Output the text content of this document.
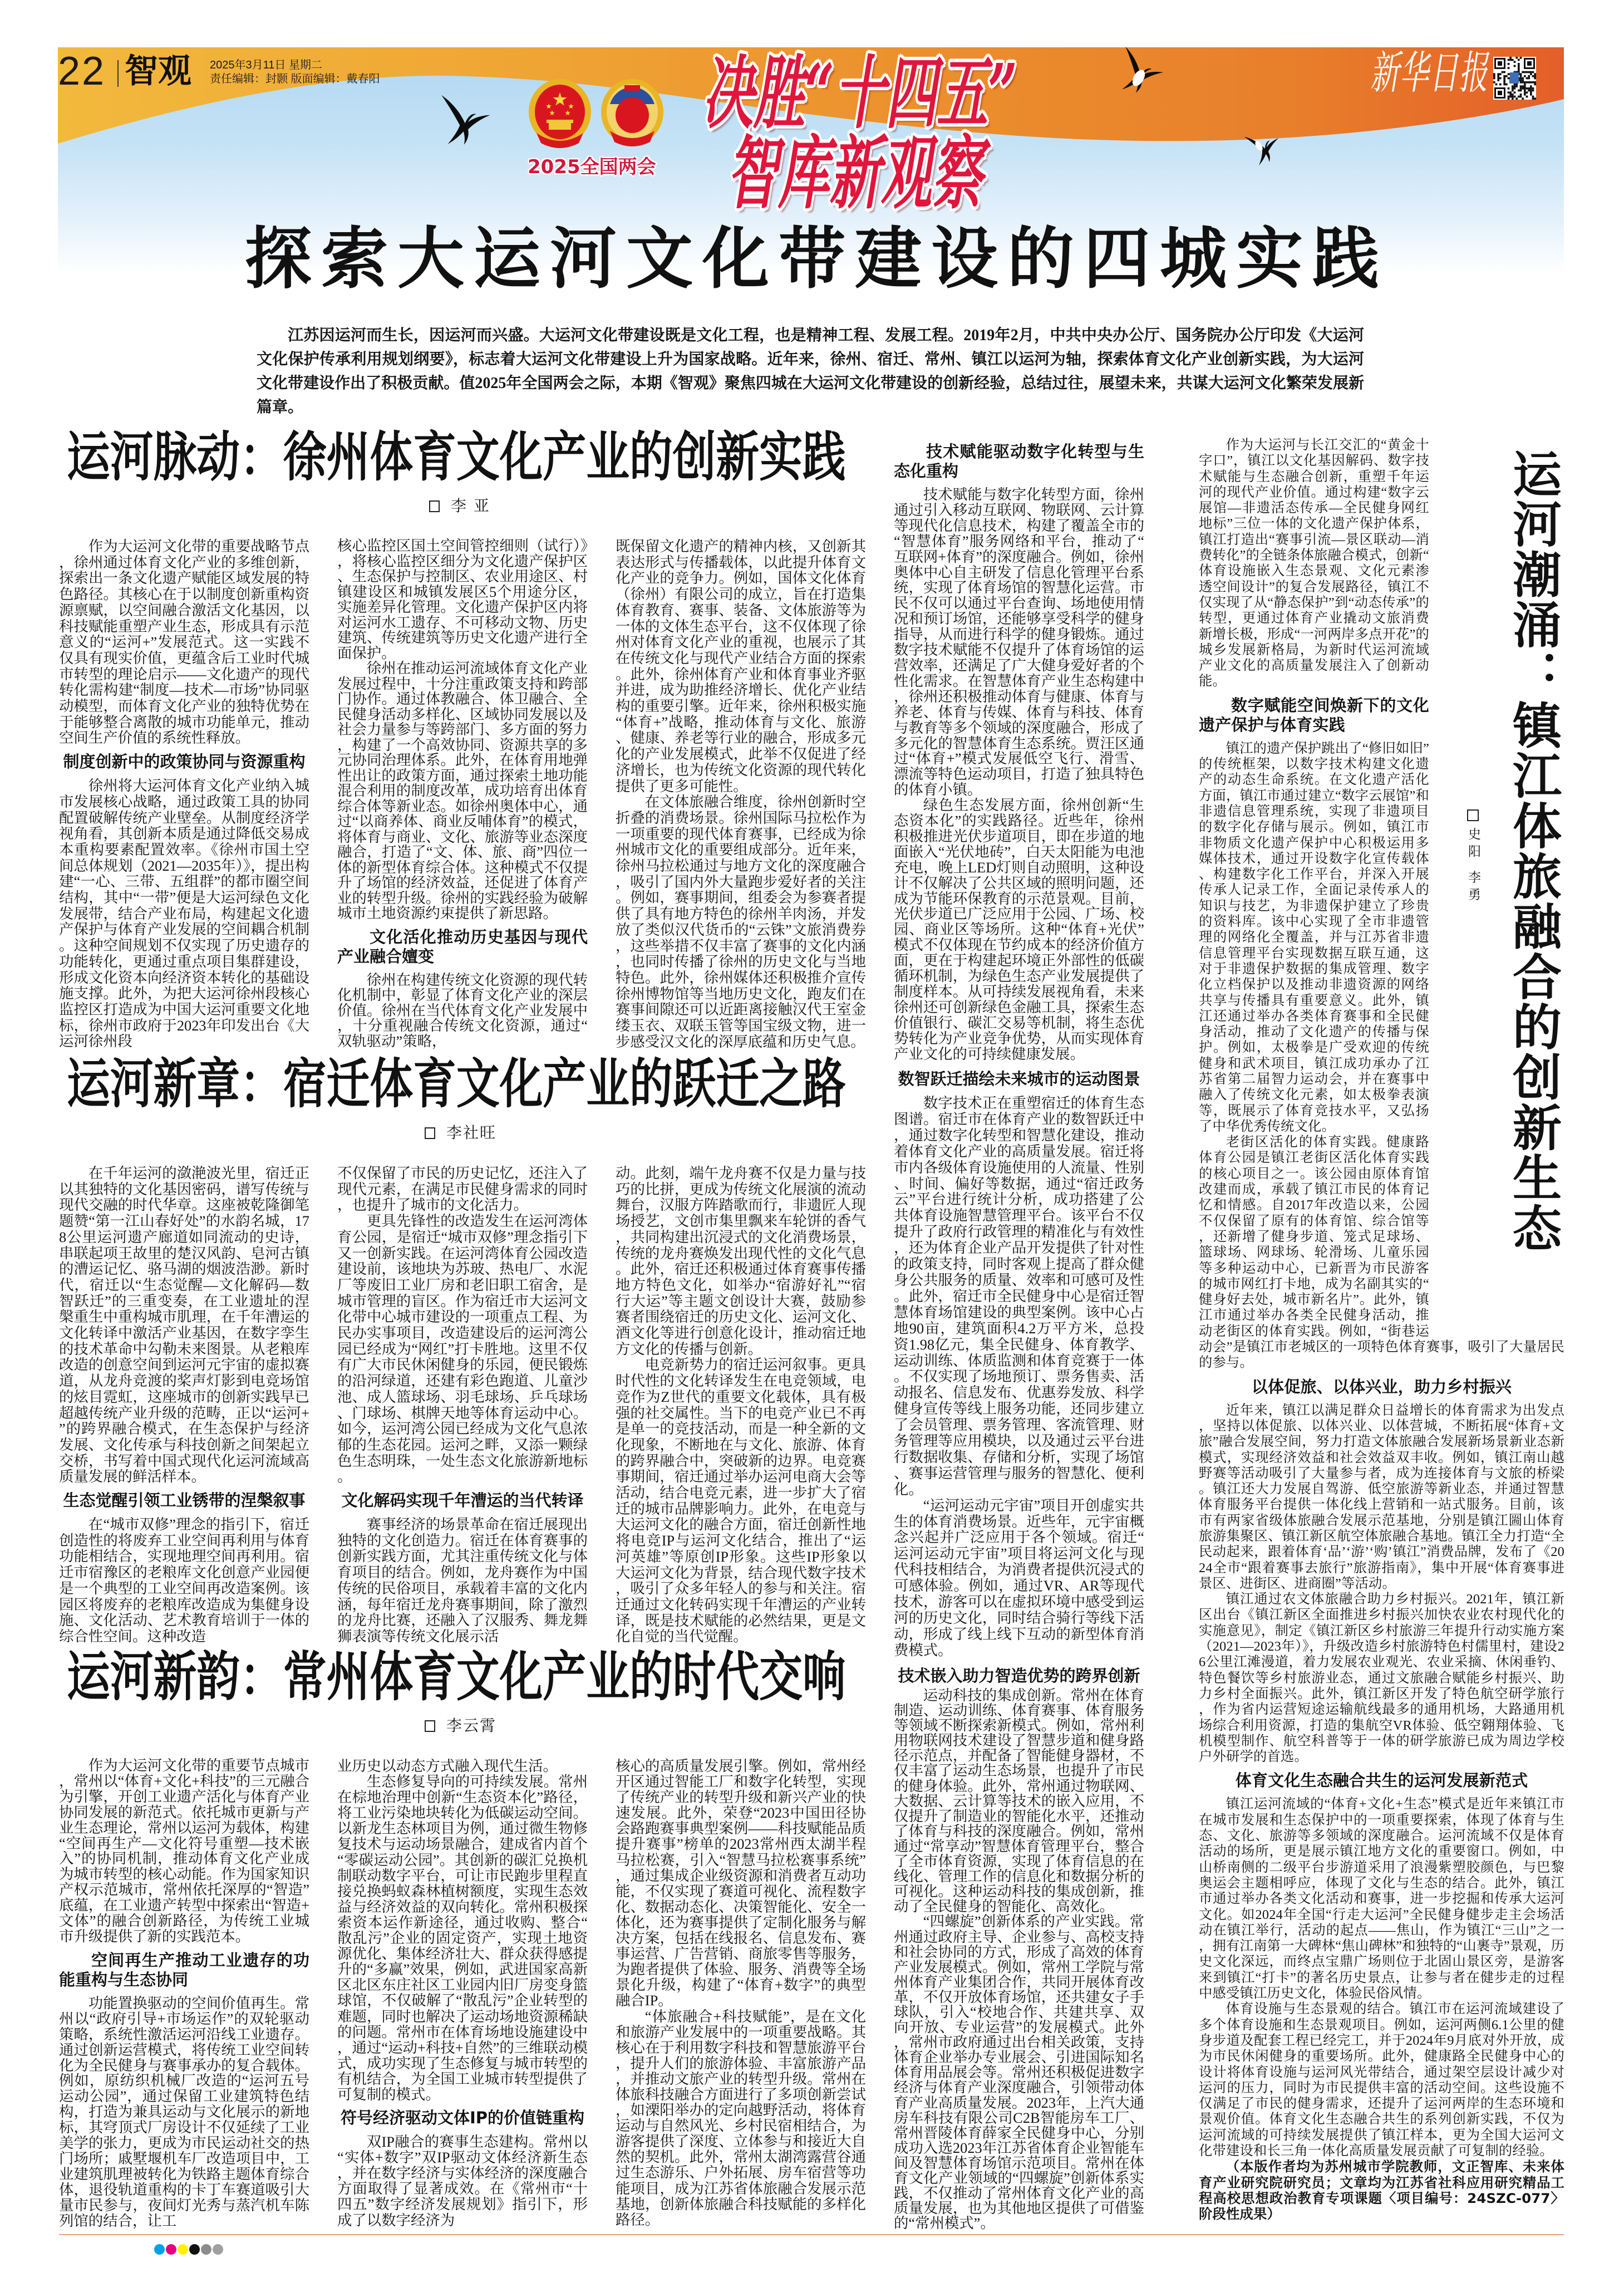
22 智观 2025年3月11日 星期二
责任编辑：封颢 版面编辑：戴春阳
2025全国两会
决胜“十四五”
智库新观察
新华日报
探索大运河文化带建设的四城实践
江苏因运河而生长，因运河而兴盛。大运河文化带建设既是文化工程，也是精神工程、发展工程。2019年2月，中共中央办公厅、国务院办公厅印发《大运河文化保护传承利用规划纲要》，标志着大运河文化带建设上升为国家战略。近年来，徐州、宿迁、常州、镇江以运河为轴，探索体育文化产业创新实践，为大运河文化带建设作出了积极贡献。值2025年全国两会之际，本期《智观》聚焦四城在大运河文化带建设的创新经验，总结过往，展望未来，共谋大运河文化繁荣发展新篇章。
运河脉动：徐州体育文化产业的创新实践
李 亚

作为大运河文化带的重要战略节点，徐州通过体育文化产业的多维创新，探索出一条文化遗产赋能区域发展的特色路径。其核心在于以制度创新重构资源禀赋，以空间融合激活文化基因，以科技赋能重塑产业生态，形成具有示范意义的“运河+”发展范式。这一实践不仅具有现实价值，更蕴含后工业时代城市转型的理论启示——文化遗产的现代转化需构建“制度—技术—市场”协同驱动模型，而体育文化产业的独特优势在于能够整合离散的城市功能单元，推动空间生产价值的系统性释放。

制度创新中的政策协同与资源重构

徐州将大运河体育文化产业纳入城市发展核心战略，通过政策工具的协同配置破解传统产业壁垒。从制度经济学视角看，其创新本质是通过降低交易成本重构要素配置效率。《徐州市国土空间总体规划（2021—2035年）》，提出构建“一心、三带、五组群”的都市圈空间结构，其中“一带”便是大运河绿色文化发展带，结合产业布局，构建起文化遗产保护与体育产业发展的空间耦合机制。这种空间规划不仅实现了历史遗存的功能转化，更通过重点项目集群建设，形成文化资本向经济资本转化的基础设施支撑。此外，为把大运河徐州段核心监控区打造成为中国大运河重要文化地标，徐州市政府于2023年印发出台《大运河徐州段

核心监控区国土空间管控细则（试行）》，将核心监控区细分为文化遗产保护区、生态保护与控制区、农业用途区、村镇建设区和城镇发展区5个用途分区，实施差异化管理。文化遗产保护区内将对运河水工遗存、不可移动文物、历史建筑、传统建筑等历史文化遗产进行全面保护。

徐州在推动运河流域体育文化产业发展过程中，十分注重政策支持和跨部门协作。通过体教融合、体卫融合、全民健身活动多样化、区域协同发展以及社会力量参与等跨部门、多方面的努力，构建了一个高效协同、资源共享的多元协同治理体系。此外，在体育用地弹性出让的政策方面，通过探索土地功能混合利用的制度改革，成功培育出体育综合体等新业态。如徐州奥体中心，通过“以商养体、商业反哺体育”的模式，将体育与商业、文化、旅游等业态深度融合，打造了“文、体、旅、商”四位一体的新型体育综合体。这种模式不仅提升了场馆的经济效益，还促进了体育产业的转型升级。徐州的实践经验为破解城市土地资源约束提供了新思路。

文化活化推动历史基因与现代产业融合嬗变

徐州在构建传统文化资源的现代转化机制中，彰显了体育文化产业的深层价值。徐州在当代体育文化产业发展中，十分重视融合传统文化资源，通过“双轨驱动”策略，

既保留文化遗产的精神内核，又创新其表达形式与传播载体，以此提升体育文化产业的竞争力。例如，国体文化体育（徐州）有限公司的成立，旨在打造集体育教育、赛事、装备、文体旅游等为一体的文体生态平台，这不仅体现了徐州对体育文化产业的重视，也展示了其在传统文化与现代产业结合方面的探索。此外，徐州体育产业和体育事业齐驱并进，成为助推经济增长、优化产业结构的重要引擎。近年来，徐州积极实施“体育+”战略，推动体育与文化、旅游、健康、养老等行业的融合，形成多元化的产业发展模式，此举不仅促进了经济增长，也为传统文化资源的现代转化提供了更多可能性。

在文体旅融合维度，徐州创新时空折叠的消费场景。徐州国际马拉松作为一项重要的现代体育赛事，已经成为徐州城市文化的重要组成部分。近年来，徐州马拉松通过与地方文化的深度融合，吸引了国内外大量跑步爱好者的关注。例如，赛事期间，组委会为参赛者提供了具有地方特色的徐州羊肉汤，并发放了类似汉代货币的“云铢”文旅消费券，这些举措不仅丰富了赛事的文化内涵，也同时传播了徐州的历史文化与当地特色。此外，徐州媒体还积极推介宣传徐州博物馆等当地历史文化，跑友们在赛事间隙还可以近距离接触汉代王室金缕玉衣、双联玉管等国宝级文物，进一步感受汉文化的深厚底蕴和历史气息。

技术赋能驱动数字化转型与生态化重构

技术赋能与数字化转型方面，徐州通过引入移动互联网、物联网、云计算等现代化信息技术，构建了覆盖全市的“智慧体育”服务网络和平台，推动了“互联网+体育”的深度融合。例如，徐州奥体中心自主研发了信息化管理平台系统，实现了体育场馆的智慧化运营。市民不仅可以通过平台查询、场地使用情况和预订场馆，还能够享受科学的健身指导，从而进行科学的健身锻炼。通过数字技术赋能不仅提升了体育场馆的运营效率，还满足了广大健身爱好者的个性化需求。在智慧体育产业生态构建中，徐州还积极推动体育与健康、体育与养老、体育与传媒、体育与科技、体育与教育等多个领域的深度融合，形成了多元化的智慧体育生态系统。贾汪区通过“体育+”模式发展低空飞行、滑雪、漂流等特色运动项目，打造了独具特色的体育小镇。

绿色生态发展方面，徐州创新“生态资本化”的实践路径。近些年，徐州积极推进光伏步道项目，即在步道的地面嵌入“光伏地砖”，白天太阳能为电池充电，晚上LED灯则自动照明，这种设计不仅解决了公共区域的照明问题，还成为节能环保教育的示范景观。目前，光伏步道已广泛应用于公园、广场、校园、商业区等场所。这种“体育+光伏”模式不仅体现在节约成本的经济价值方面，更在于构建起环境正外部性的低碳循环机制，为绿色生态产业发展提供了制度样本。从可持续发展视角看，未来徐州还可创新绿色金融工具，探索生态价值银行、碳汇交易等机制，将生态优势转化为产业竞争优势，从而实现体育产业文化的可持续健康发展。

运河新章：宿迁体育文化产业的跃迁之路
李社旺

在千年运河的潋滟波光里，宿迁正以其独特的文化基因密码，谱写传统与现代交融的时代华章。这座被乾隆御笔题赞“第一江山春好处”的水韵名城，178公里运河遗产廊道如同流动的史诗，串联起项王故里的楚汉风韵、皂河古镇的漕运记忆、骆马湖的烟波浩渺。新时代，宿迁以“生态觉醒—文化解码—数智跃迁”的三重变奏，在工业遗址的涅槃重生中重构城市肌理，在千年漕运的文化转译中激活产业基因，在数字孪生的技术革命中勾勒未来图景。从老粮库改造的创意空间到运河元宇宙的虚拟赛道，从龙舟竞渡的桨声灯影到电竞场馆的炫目霓虹，这座城市的创新实践早已超越传统产业升级的范畴，正以“运河+”的跨界融合模式，在生态保护与经济发展、文化传承与科技创新之间架起立交桥，书写着中国式现代化运河流域高质量发展的鲜活样本。

生态觉醒引领工业锈带的涅槃叙事

在“城市双修”理念的指引下，宿迁创造性的将废弃工业空间再利用与体育功能相结合，实现地理空间再利用。宿迁市宿豫区的老粮库文化创意产业园便是一个典型的工业空间再改造案例。该园区将废弃的老粮库改造成为集健身设施、文化活动、艺术教育培训于一体的综合性空间。这种改造

不仅保留了市民的历史记忆，还注入了现代元素，在满足市民健身需求的同时，也提升了城市的文化活力。

更具先锋性的改造发生在运河湾体育公园，是宿迁“城市双修”理念指引下又一创新实践。在运河湾体育公园改造建设前，该地块为苏玻、热电厂、水泥厂等废旧工业厂房和老旧职工宿舍，是城市管理的盲区。作为宿迁市大运河文化带中心城市建设的一项重点工程、为民办实事项目，改造建设后的运河湾公园已经成为“网红”打卡胜地。这里不仅有广大市民休闲健身的乐园，便民锻炼的沿河绿道，还建有彩色跑道、儿童沙池、成人篮球场、羽毛球场、乒乓球场、门球场、棋牌天地等体育运动中心。如今，运河湾公园已经成为文化气息浓郁的生态花园。运河之畔，又添一颗绿色生态明珠，一处生态文化旅游新地标。

文化解码实现千年漕运的当代转译

赛事经济的场景革命在宿迁展现出独特的文化创造力。宿迁在体育赛事的创新实践方面，尤其注重传统文化与体育项目的结合。例如，龙舟赛作为中国传统的民俗项目，承载着丰富的文化内涵，每年宿迁龙舟赛事期间，除了激烈的龙舟比赛，还融入了汉服秀、舞龙舞狮表演等传统文化展示活

动。此刻，端午龙舟赛不仅是力量与技巧的比拼，更成为传统文化展演的流动舞台，汉服方阵踏歌而行，非遗匠人现场授艺，文创市集里飘来车轮饼的香气，共同构建出沉浸式的文化消费场景，传统的龙舟赛焕发出现代性的文化气息。此外，宿迁还积极通过体育赛事传播地方特色文化，如举办“宿游好礼”“宿行大运”等主题文创设计大赛，鼓励参赛者围绕宿迁的历史文化、运河文化、酒文化等进行创意化设计，推动宿迁地方文化的传播与创新。

电竞新势力的宿迁运河叙事。更具时代性的文化转译发生在电竞领域，电竞作为Z世代的重要文化载体，具有极强的社交属性。当下的电竞产业已不再是单一的竞技活动，而是一种全新的文化现象，不断地在与文化、旅游、体育的跨界融合中，突破新的边界。电竞赛事期间，宿迁通过举办运河电商大会等活动，结合电竞元素，进一步扩大了宿迁的城市品牌影响力。此外，在电竞与大运河文化的融合方面，宿迁创新性地将电竞IP与运河文化结合，推出了“运河英雄”等原创IP形象。这些IP形象以大运河文化为背景，结合现代数字技术，吸引了众多年轻人的参与和关注。宿迁通过文化转码实现千年漕运的产业转译，既是技术赋能的必然结果，更是文化自觉的当代觉醒。

数智跃迁描绘未来城市的运动图景

数字技术正在重塑宿迁的体育生态图谱。宿迁市在体育产业的数智跃迁中，通过数字化转型和智慧化建设，推动着体育文化产业的高质量发展。宿迁将市内各级体育设施使用的人流量、性别、时间、偏好等数据，通过“宿迁政务云”平台进行统计分析，成功搭建了公共体育设施智慧管理平台。该平台不仅提升了政府行政管理的精准化与有效性，还为体育企业产品开发提供了针对性的政策支持，同时客观上提高了群众健身公共服务的质量、效率和可感可及性。此外，宿迁市全民健身中心是宿迁智慧体育场馆建设的典型案例。该中心占地90亩，建筑面积4.2万平方米，总投资1.98亿元，集全民健身、体育教学、运动训练、体质监测和体育竞赛于一体。不仅实现了场地预订、票务售卖、活动报名、信息发布、优惠券发放、科学健身宣传等线上服务功能，还同步建立了会员管理、票务管理、客流管理、财务管理等应用模块，以及通过云平台进行数据收集、存储和分析，实现了场馆、赛事运营管理与服务的智慧化、便利化。

“运河运动元宇宙”项目开创虚实共生的体育消费场景。近些年，元宇宙概念兴起并广泛应用于各个领域。宿迁“运河运动元宇宙”项目将运河文化与现代科技相结合，为消费者提供沉浸式的可感体验。例如，通过VR、AR等现代技术，游客可以在虚拟环境中感受到运河的历史文化，同时结合骑行等线下活动，形成了线上线下互动的新型体育消费模式。

运河新韵：常州体育文化产业的时代交响
李云霄

作为大运河文化带的重要节点城市，常州以“体育+文化+科技”的三元融合为引擎，开创工业遗产活化与体育产业协同发展的新范式。依托城市更新与产业生态理论，常州以运河为载体，构建“空间再生产—文化符号重塑—技术嵌入”的协同机制，推动体育文化产业成为城市转型的核心动能。作为国家知识产权示范城市，常州依托深厚的“智造”底蕴，在工业遗产转型中探索出“智造+文体”的融合创新路径，为传统工业城市升级提供了新的实践范本。

空间再生产推动工业遗存的功能重构与生态协同

功能置换驱动的空间价值再生。常州以“政府引导+市场运作”的双轮驱动策略，系统性激活运河沿线工业遗存。通过创新运营模式，将传统工业空间转化为全民健身与赛事承办的复合载体。例如，原纺织机械厂改造的“运河五号运动公园”，通过保留工业建筑特色结构，打造为兼具运动与文化展示的新地标，其穹顶式厂房设计不仅延续了工业美学的张力，更成为市民运动社交的热门场所；戚墅堰机车厂改造项目中，工业建筑肌理被转化为铁路主题体育综合体，退役轨道重构的卡丁车赛道吸引大量市民参与，夜间灯光秀与蒸汽机车陈列馆的结合，让工

业历史以动态方式融入现代生活。

生态修复导向的可持续发展。常州在棕地治理中创新“生态资本化”路径，将工业污染地块转化为低碳运动空间。以新龙生态林项目为例，通过微生物修复技术与运动场景融合，建成省内首个“零碳运动公园”。其创新的碳汇兑换机制联动数字平台，可让市民跑步里程直接兑换蚂蚁森林植树额度，实现生态效益与经济效益的双向转化。常州积极探索资本运作新途径，通过收购、整合“散乱污”企业的固定资产，实现土地资源优化、集体经济壮大、群众获得感提升的“多赢”效果，例如，武进国家高新区北区东庄社区工业园内旧厂房变身篮球馆，不仅破解了“散乱污”企业转型的难题，同时也解决了运动场地资源稀缺的问题。常州市在体育场地设施建设中，通过“运动+科技+自然”的三维联动模式，成功实现了生态修复与城市转型的有机结合，为全国工业城市转型提供了可复制的模式。

符号经济驱动文体IP的价值链重构

双IP融合的赛事生态建构。常州以“实体+数字”双IP驱动文体经济新生态，并在数字经济与实体经济的深度融合方面取得了显著成效。在《常州市“十四五”数字经济发展规划》指引下，形成了以数字经济为

核心的高质量发展引擎。例如，常州经开区通过智能工厂和数字化转型，实现了传统产业的转型升级和新兴产业的快速发展。此外，荣登“2023中国田径协会路跑赛事典型案例——科技赋能品质提升赛事”榜单的2023常州西太湖半程马拉松赛，引入“智慧马拉松赛事系统”，通过集成企业级资源和消费者互动功能，不仅实现了赛道可视化、流程数字化、数据动态化、决策智能化、安全一体化，还为赛事提供了定制化服务与解决方案，包括在线报名、信息发布、赛事运营、广告营销、商旅零售等服务，为跑者提供了体验、服务、消费等全场景化升级，构建了“体育+数字”的典型融合IP。

“体旅融合+科技赋能”，是在文化和旅游产业发展中的一项重要战略。其核心在于利用数字科技和智慧旅游平台，提升人们的旅游体验、丰富旅游产品，并推动文旅产业的转型升级。常州在体旅科技融合方面进行了多项创新尝试，如溧阳举办的定向越野活动，将体育运动与自然风光、乡村民宿相结合，为游客提供了深度、立体参与和接近大自然的契机。此外，常州太湖湾露营谷通过生态游乐、户外拓展、房车宿营等功能项目，成为江苏省体旅融合发展示范基地，创新体旅融合科技赋能的多样化路径。

技术嵌入助力智造优势的跨界创新

运动科技的集成创新。常州在体育制造、运动训练、体育赛事、体育服务等领域不断探索新模式。例如，常州利用物联网技术建设了智慧步道和健身路径示范点，并配备了智能健身器材，不仅丰富了运动生态场景，也提升了市民的健身体验。此外，常州通过物联网、大数据、云计算等技术的嵌入应用，不仅提升了制造业的智能化水平，还推动了体育与科技的深度融合。例如，常州通过“常享动”智慧体育管理平台，整合了全市体育资源，实现了体育信息的在线化、管理工作的信息化和数据分析的可视化。这种运动科技的集成创新，推动了全民健身的智能化、高效化。

“四螺旋”创新体系的产业实践。常州通过政府主导、企业参与、高校支持和社会协同的方式，形成了高效的体育产业发展模式。例如，常州工学院与常州体育产业集团合作，共同开展体育改革，不仅开放体育场馆，还共建女子手球队，引入“校地合作、共建共享、双向开放、专业运营”的发展模式。此外，常州市政府通过出台相关政策，支持体育企业举办专业展会、引进国际知名体育用品展会等。常州还积极促进数字经济与体育产业深度融合，引领带动体育产业高质量发展。2023年，上汽大通房车科技有限公司C2B智能房车工厂、常州晋陵体育薛家全民健身中心，分别成功入选2023年江苏省体育企业智能车间及智慧体育场馆示范项目。常州在体育文化产业领域的“四螺旋”创新体系实践，不仅推动了常州体育文化产业的高质量发展，也为其他地区提供了可借鉴的“常州模式”。

运河潮涌：镇江体旅融合的创新生态
史阳 李勇

作为大运河与长江交汇的“黄金十字口”，镇江以文化基因解码、数字技术赋能与生态融合创新，重塑千年运河的现代产业价值。通过构建“数字云展馆—非遗活态传承—全民健身网红地标”三位一体的文化遗产保护体系，镇江打造出“赛事引流—景区联动—消费转化”的全链条体旅融合模式，创新“体育设施嵌入生态景观、文化元素渗透空间设计”的复合发展路径，镇江不仅实现了从“静态保护”到“动态传承”的转型，更通过体育产业撬动文旅消费新增长极，形成“一河两岸多点开花”的城乡发展新格局，为新时代运河流域产业文化的高质量发展注入了创新动能。

数字赋能空间焕新下的文化遗产保护与体育实践

镇江的遗产保护跳出了“修旧如旧”的传统框架，以数字技术构建文化遗产的动态生命系统。在文化遗产活化方面，镇江市通过建立“数字云展馆”和非遗信息管理系统，实现了非遗项目的数字化存储与展示。例如，镇江市非物质文化遗产保护中心积极运用多媒体技术，通过开设数字化宣传载体、构建数字化工作平台，并深入开展传承人记录工作，全面记录传承人的知识与技艺，为非遗保护建立了珍贵的资料库。该中心实现了全市非遗管理的网络化全覆盖，并与江苏省非遗信息管理平台实现数据互联互通，这对于非遗保护数据的集成管理、数字化立档保护以及推动非遗资源的网络共享与传播具有重要意义。此外，镇江还通过举办各类体育赛事和全民健身活动，推动了文化遗产的传播与保护。例如，太极拳是广受欢迎的传统健身和武术项目，镇江成功承办了江苏省第二届智力运动会，并在赛事中融入了传统文化元素，如太极拳表演等，既展示了体育竞技水平，又弘扬了中华优秀传统文化。

老街区活化的体育实践。健康路体育公园是镇江老街区活化体育实践的核心项目之一。该公园由原体育馆改建而成，承载了镇江市民的体育记忆和情感。自2017年改造以来，公园不仅保留了原有的体育馆、综合馆等，还新增了健身步道、笼式足球场、篮球场、网球场、轮滑场、儿童乐园等多种运动中心，已新晋为市民游客的城市网红打卡地，成为名副其实的“健身好去处，城市新名片”。此外，镇江市通过举办各类全民健身活动，推动老街区的体育实践。例如，“街巷运动会”是镇江市老城区的一项特色体育赛事，吸引了大量居民的参与。

以体促旅、以体兴业，助力乡村振兴

近年来，镇江以满足群众日益增长的体育需求为出发点，坚持以体促旅、以体兴业、以体营城，不断拓展“体育+文旅”融合发展空间，努力打造文体旅融合发展新场景新业态新模式，实现经济效益和社会效益双丰收。例如，镇江南山越野赛等活动吸引了大量参与者，成为连接体育与文旅的桥梁。镇江还大力发展自驾游、低空旅游等新业态，并通过智慧体育服务平台提供一体化线上营销和一站式服务。目前，该市有两家省级体旅融合发展示范基地，分别是镇江圌山体育旅游集聚区、镇江新区航空体旅融合基地。镇江全力打造“全民动起来，跟着体育‘品’‘游’‘购’镇江”消费品牌，发布了《2024全市“跟着赛事去旅行”旅游指南》，集中开展“体育赛事进景区、进街区、进商圈”等活动。

镇江通过农文体旅融合助力乡村振兴。2021年，镇江新区出台《镇江新区全面推进乡村振兴加快农业农村现代化的实施意见》，制定《镇江新区乡村旅游三年提升行动实施方案（2021—2023年）》，升级改造乡村旅游特色村儒里村，建设26公里江滩漫道，着力发展农业观光、农业采摘、休闲垂钓、特色餐饮等乡村旅游业态，通过文旅融合赋能乡村振兴、助力乡村全面振兴。此外，镇江新区开发了特色航空研学旅行，作为省内运营短途运输航线最多的通用机场，大路通用机场综合利用资源，打造的集航空VR体验、低空翱翔体验、飞机模型制作、航空科普等于一体的研学旅游已成为周边学校户外研学的首选。

体育文化生态融合共生的运河发展新范式

镇江运河流域的“体育+文化+生态”模式是近年来镇江市在城市发展和生态保护中的一项重要探索，体现了体育与生态、文化、旅游等多领域的深度融合。运河流域不仅是体育活动的场所，更是展示镇江地方文化的重要窗口。例如，中山桥南侧的二级平台步游道采用了浪漫紫塑胶颜色，与巴黎奥运会主题相呼应，体现了文化与生态的结合。此外，镇江市通过举办各类文化活动和赛事，进一步挖掘和传承大运河文化。如2024年全国“行走大运河”全民健身健步走主会场活动在镇江举行，活动的起点——焦山，作为镇江“三山”之一，拥有江南第一大碑林“焦山碑林”和独特的“山裹寺”景观，历史文化深远，而终点宝鼎广场则位于北固山景区旁，是游客来到镇江“打卡”的著名历史景点，让参与者在健步走的过程中感受镇江历史文化，体验民俗风情。

体育设施与生态景观的结合。镇江市在运河流域建设了多个体育设施和生态景观项目。例如，运河两侧6.1公里的健身步道及配套工程已经完工，并于2024年9月底对外开放，成为市民休闲健身的重要场所。此外，健康路全民健身中心的设计将体育设施与运河风光带结合，通过架空层设计减少对运河的压力，同时为市民提供丰富的活动空间。这些设施不仅满足了市民的健身需求，还提升了运河两岸的生态环境和景观价值。体育文化生态融合共生的系列创新实践，不仅为运河流域的可持续发展提供了镇江样本，更为全国大运河文化带建设和长三角一体化高质量发展贡献了可复制的经验。

（本版作者均为苏州城市学院教师，文正智库、未来体育产业研究院研究员；文章均为江苏省社科应用研究精品工程高校思想政治教育专项课题〈项目编号：24SZC-077〉阶段性成果）
